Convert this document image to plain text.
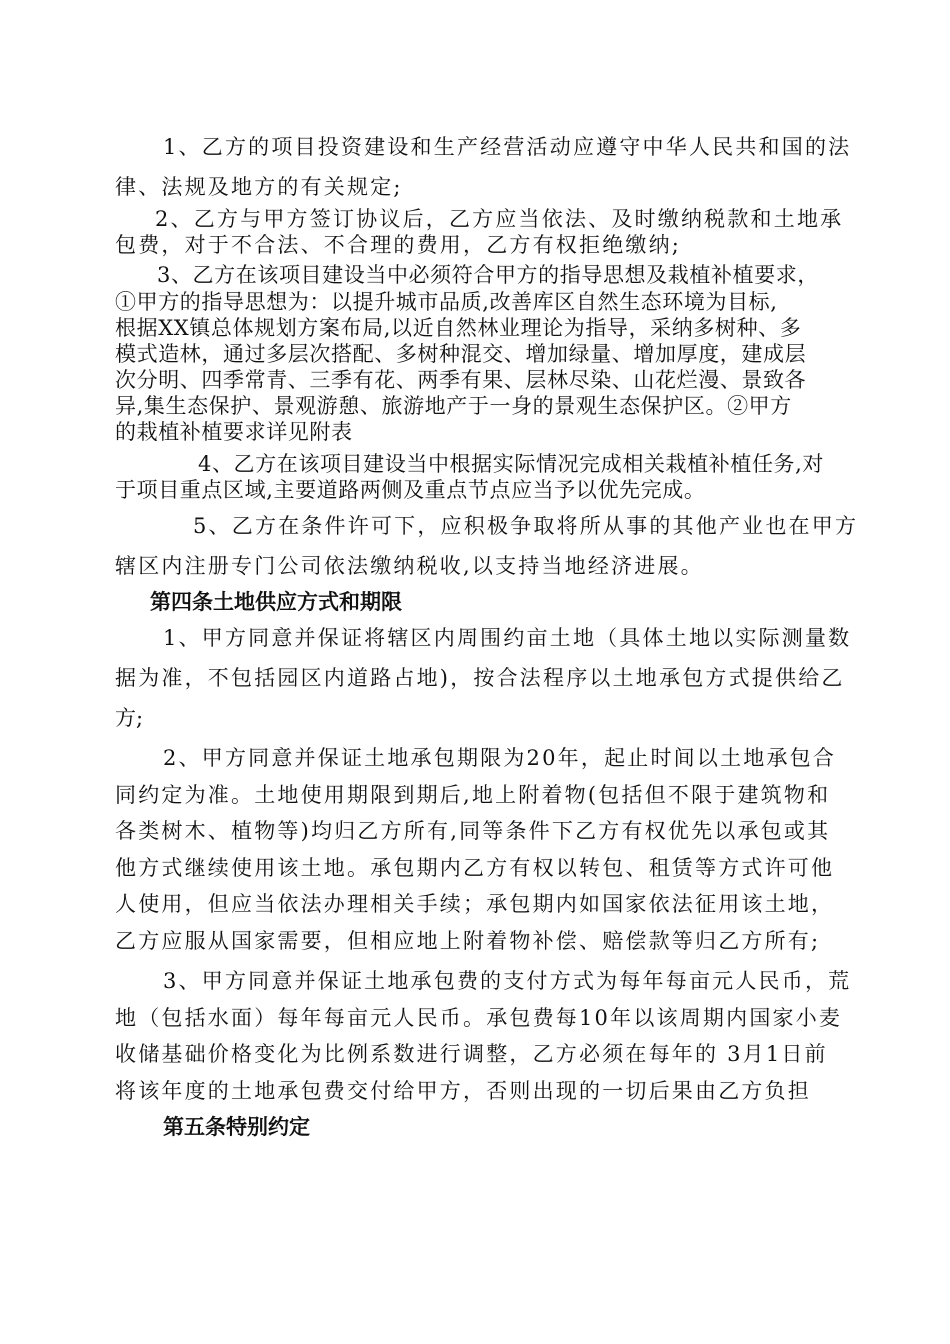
1、乙方的项目投资建设和生产经营活动应遵守中华人民共和国的法
律、法规及地方的有关规定;
2、乙方与甲方签订协议后，乙方应当依法、及时缴纳税款和土地承
包费，对于不合法、不合理的费用，乙方有权拒绝缴纳;
3、乙方在该项目建设当中必须符合甲方的指导思想及栽植补植要求，
①甲方的指导思想为：以提升城市品质,改善库区自然生态环境为目标,
根据XX镇总体规划方案布局,以近自然林业理论为指导，采纳多树种、多
模式造林，通过多层次搭配、多树种混交、增加绿量、增加厚度，建成层
次分明、四季常青、三季有花、两季有果、层林尽染、山花烂漫、景致各
异,集生态保护、景观游憩、旅游地产于一身的景观生态保护区。②甲方
的栽植补植要求详见附表
4、乙方在该项目建设当中根据实际情况完成相关栽植补植任务,对
于项目重点区域,主要道路两侧及重点节点应当予以优先完成。
5、乙方在条件许可下，应积极争取将所从事的其他产业也在甲方
辖区内注册专门公司依法缴纳税收,以支持当地经济进展。
第四条土地供应方式和期限
1、甲方同意并保证将辖区内周围约亩土地（具体土地以实际测量数
据为准，不包括园区内道路占地)，按合法程序以土地承包方式提供给乙
方;
2、甲方同意并保证土地承包期限为20年，起止时间以土地承包合
同约定为准。土地使用期限到期后,地上附着物(包括但不限于建筑物和
各类树木、植物等)均归乙方所有,同等条件下乙方有权优先以承包或其
他方式继续使用该土地。承包期内乙方有权以转包、租赁等方式许可他
人使用，但应当依法办理相关手续；承包期内如国家依法征用该土地，
乙方应服从国家需要，但相应地上附着物补偿、赔偿款等归乙方所有;
3、甲方同意并保证土地承包费的支付方式为每年每亩元人民币，荒
地（包括水面）每年每亩元人民币。承包费每10年以该周期内国家小麦
收储基础价格变化为比例系数进行调整，乙方必须在每年的 3月1日前
将该年度的土地承包费交付给甲方，否则出现的一切后果由乙方负担
第五条特别约定
